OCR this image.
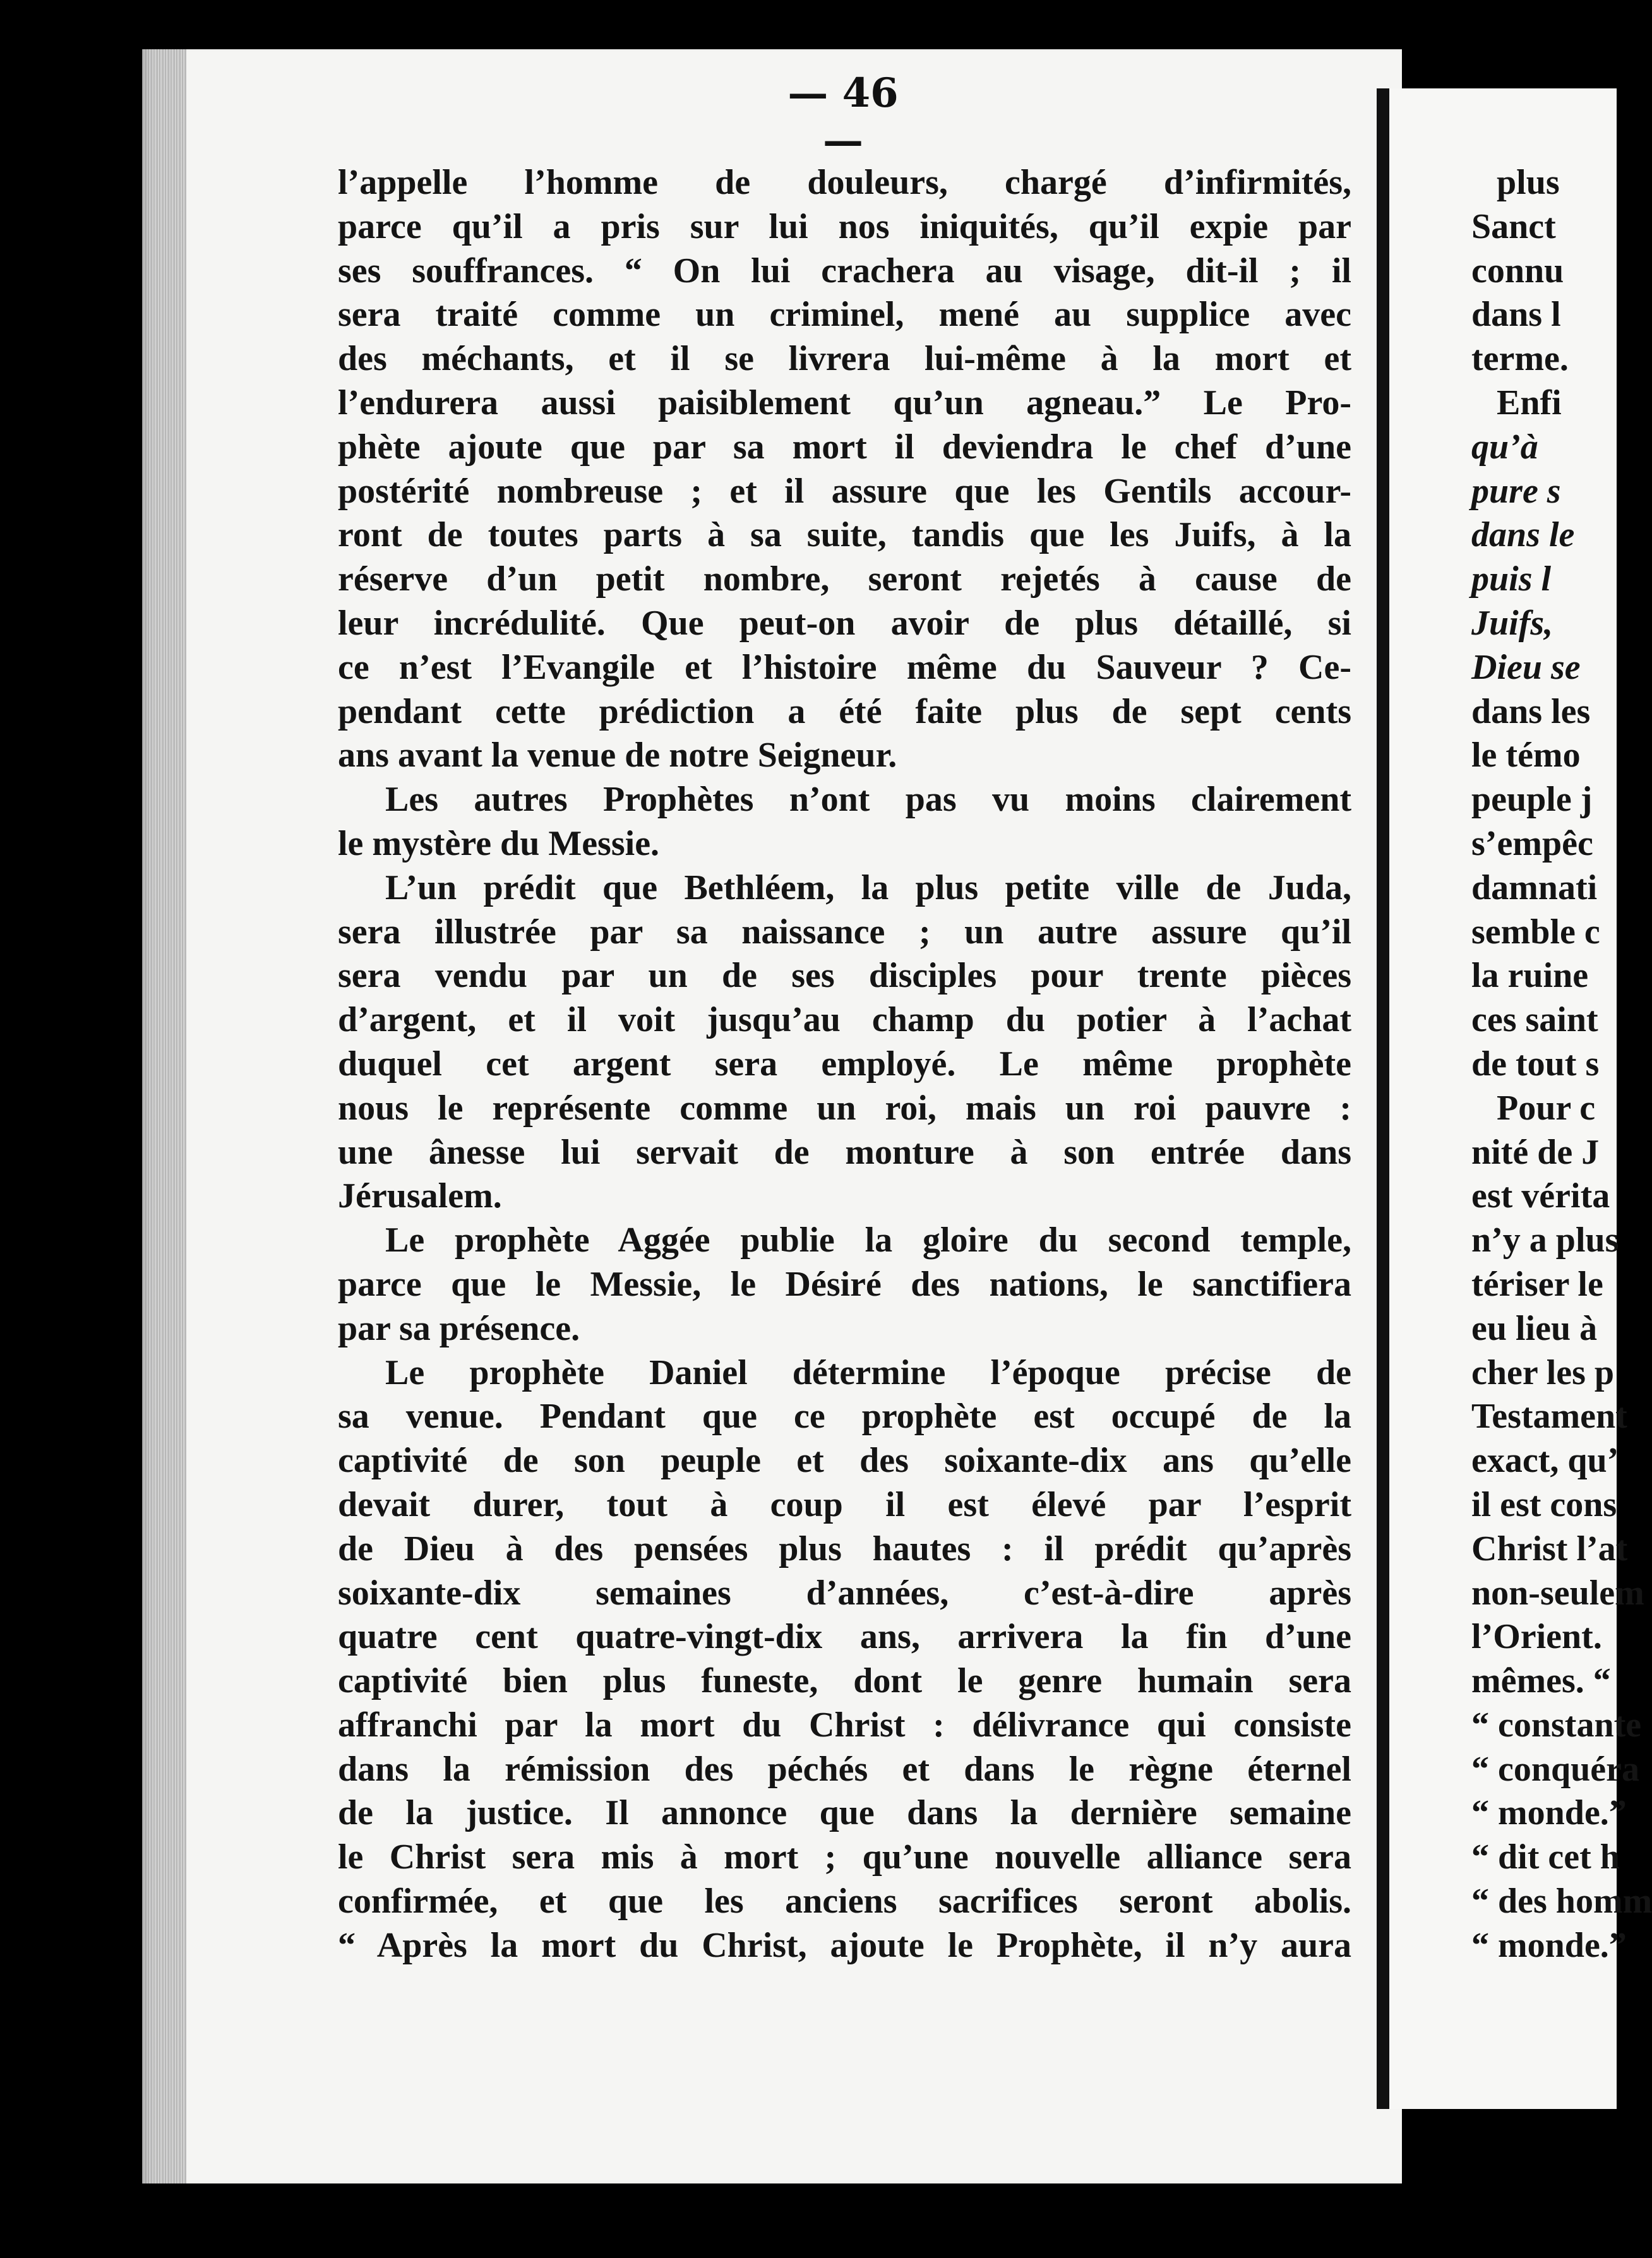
— 46 —
l’appelle l’homme de douleurs, chargé d’infirmités,
parce qu’il a pris sur lui nos iniquités, qu’il expie par
ses souffrances. “ On lui crachera au visage, dit-il ; il
sera traité comme un criminel, mené au supplice avec
des méchants, et il se livrera lui-même à la mort et
l’endurera aussi paisiblement qu’un agneau.” Le Pro-
phète ajoute que par sa mort il deviendra le chef d’une
postérité nombreuse ; et il assure que les Gentils accour-
ront de toutes parts à sa suite, tandis que les Juifs, à la
réserve d’un petit nombre, seront rejetés à cause de
leur incrédulité. Que peut-on avoir de plus détaillé, si
ce n’est l’Evangile et l’histoire même du Sauveur ? Ce-
pendant cette prédiction a été faite plus de sept cents
ans avant la venue de notre Seigneur.
Les autres Prophètes n’ont pas vu moins clairement
le mystère du Messie.
L’un prédit que Bethléem, la plus petite ville de Juda,
sera illustrée par sa naissance ; un autre assure qu’il
sera vendu par un de ses disciples pour trente pièces
d’argent, et il voit jusqu’au champ du potier à l’achat
duquel cet argent sera employé. Le même prophète
nous le représente comme un roi, mais un roi pauvre :
une ânesse lui servait de monture à son entrée dans
Jérusalem.
Le prophète Aggée publie la gloire du second temple,
parce que le Messie, le Désiré des nations, le sanctifiera
par sa présence.
Le prophète Daniel détermine l’époque précise de
sa venue. Pendant que ce prophète est occupé de la
captivité de son peuple et des soixante-dix ans qu’elle
devait durer, tout à coup il est élevé par l’esprit
de Dieu à des pensées plus hautes : il prédit qu’après
soixante-dix semaines d’années, c’est-à-dire après
quatre cent quatre-vingt-dix ans, arrivera la fin d’une
captivité bien plus funeste, dont le genre humain sera
affranchi par la mort du Christ : délivrance qui consiste
dans la rémission des péchés et dans le règne éternel
de la justice. Il annonce que dans la dernière semaine
le Christ sera mis à mort ; qu’une nouvelle alliance sera
confirmée, et que les anciens sacrifices seront abolis.
“ Après la mort du Christ, ajoute le Prophète, il n’y aura
plus
Sanct
connu
dans l
terme.
Enfi
qu’à
pure s
dans le
puis l
Juifs,
Dieu se
dans les
le témo
peuple j
s’empêc
damnati
semble c
la ruine
ces saint
de tout s
Pour c
nité de J
est vérita
n’y a plus
tériser le
eu lieu à
cher les p
Testament
exact, qu’
il est cons
Christ l’at
non-seulem
l’Orient.
mêmes. “
“ constante
“ conquéra
“ monde.”
“ dit cet h
“ des homm
“ monde.”
